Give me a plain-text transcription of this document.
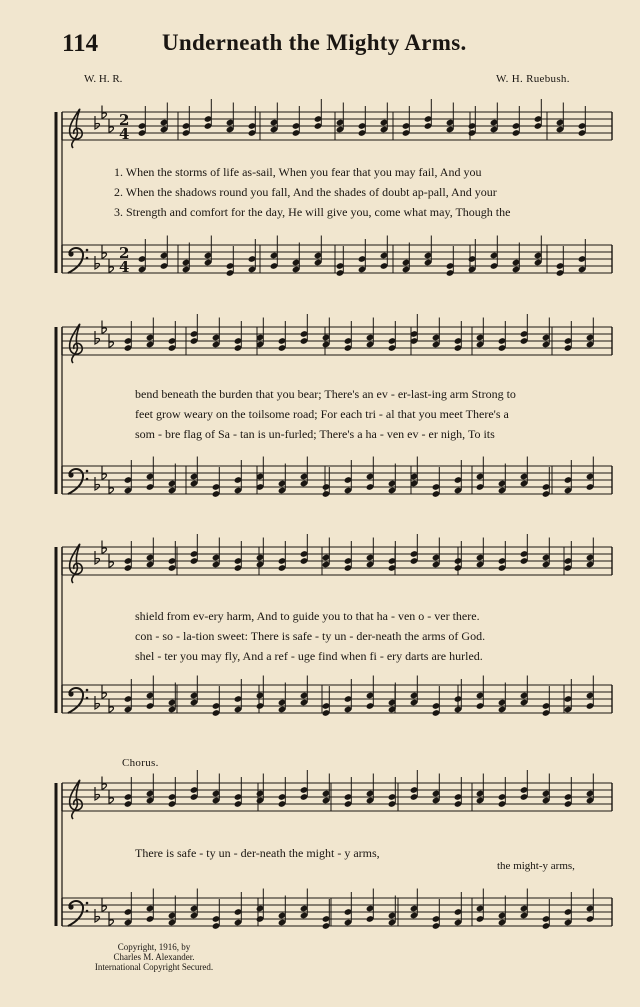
2
4
2
4
114	Underneath the Mighty Arms.
W. H. R.	W. H. Ruebush.
1. When the storms of life as-sail, When you fear that you may fail, And you
2. When the shadows round you fall, And the shades of doubt ap-pall, And your
3. Strength and comfort for the day, He will give you, come what may, Though the
bend beneath the burden that you bear; There's an ev - er-last-ing arm Strong to
feet grow weary on the toilsome road; For each tri - al that you meet There's a
som - bre flag of Sa - tan is un-furled; There's a ha - ven ev - er nigh, To its
shield from ev-ery harm, And to guide you to that ha - ven o - ver there.
con - so - la-tion sweet: There is safe - ty un - der-neath the arms of God.
shel - ter you may fly, And a ref - uge find when fi - ery darts are hurled.
Chorus.
There is safe - ty un - der-neath the might - y arms,
the might-y arms,
Copyright, 1916, by
Charles M. Alexander.
International Copyright Secured.
